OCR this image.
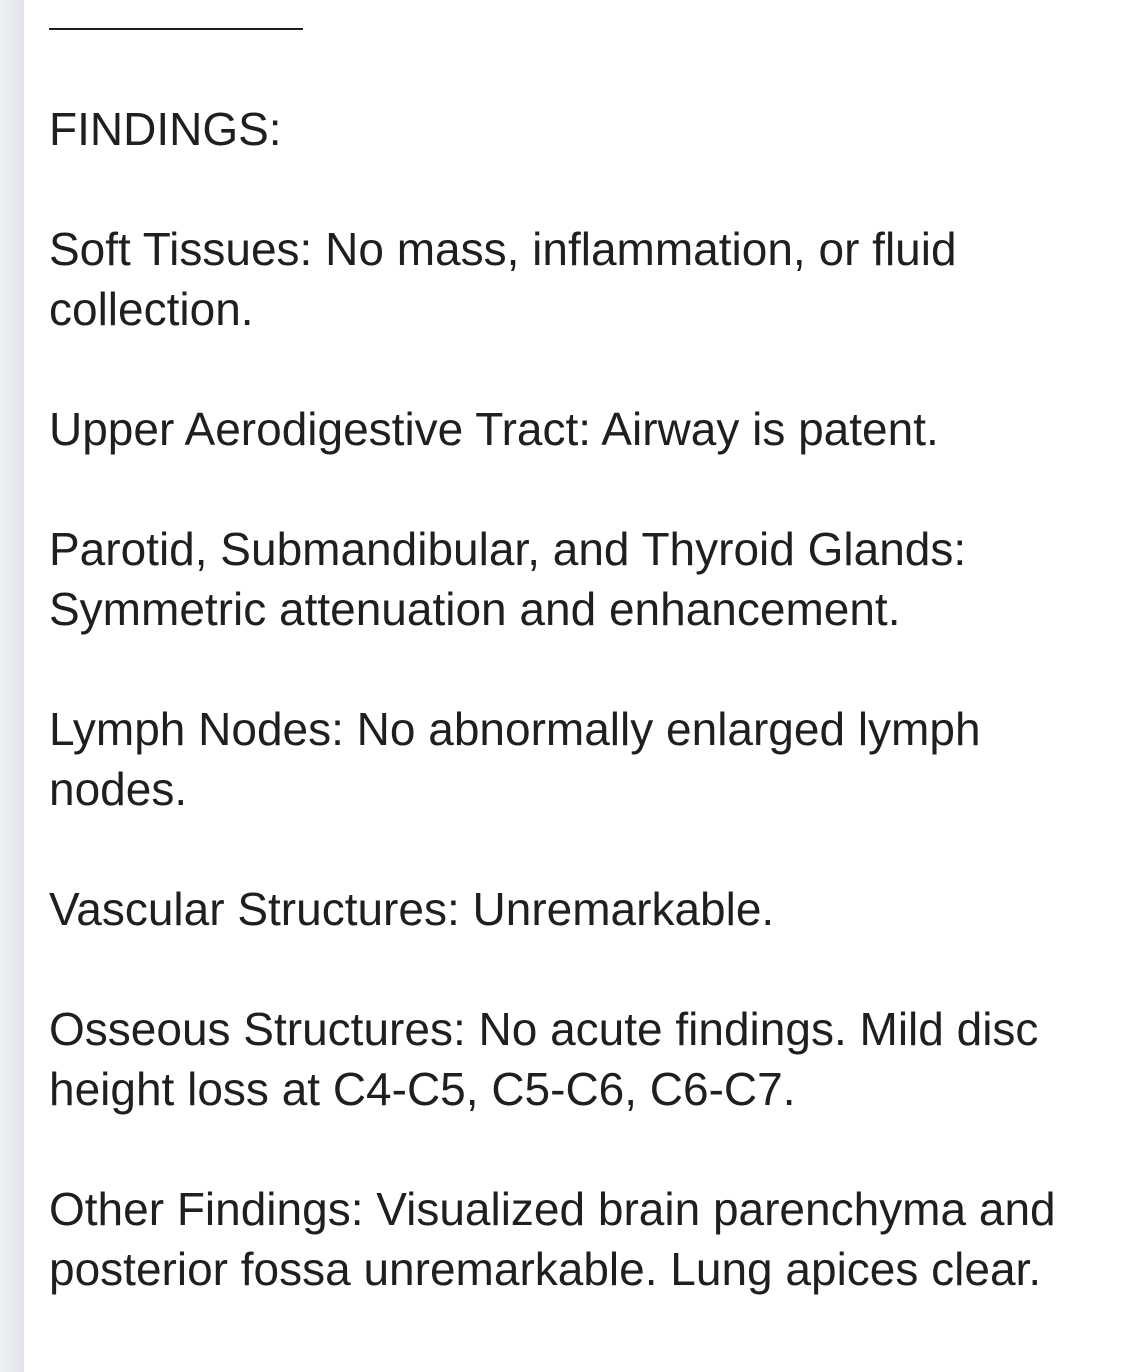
FINDINGS:

Soft Tissues: No mass, inflammation, or fluid collection.

Upper Aerodigestive Tract: Airway is patent.

Parotid, Submandibular, and Thyroid Glands: Symmetric attenuation and enhancement.

Lymph Nodes: No abnormally enlarged lymph nodes.

Vascular Structures: Unremarkable.

Osseous Structures: No acute findings. Mild disc height loss at C4-C5, C5-C6, C6-C7.

Other Findings: Visualized brain parenchyma and posterior fossa unremarkable. Lung apices clear.
